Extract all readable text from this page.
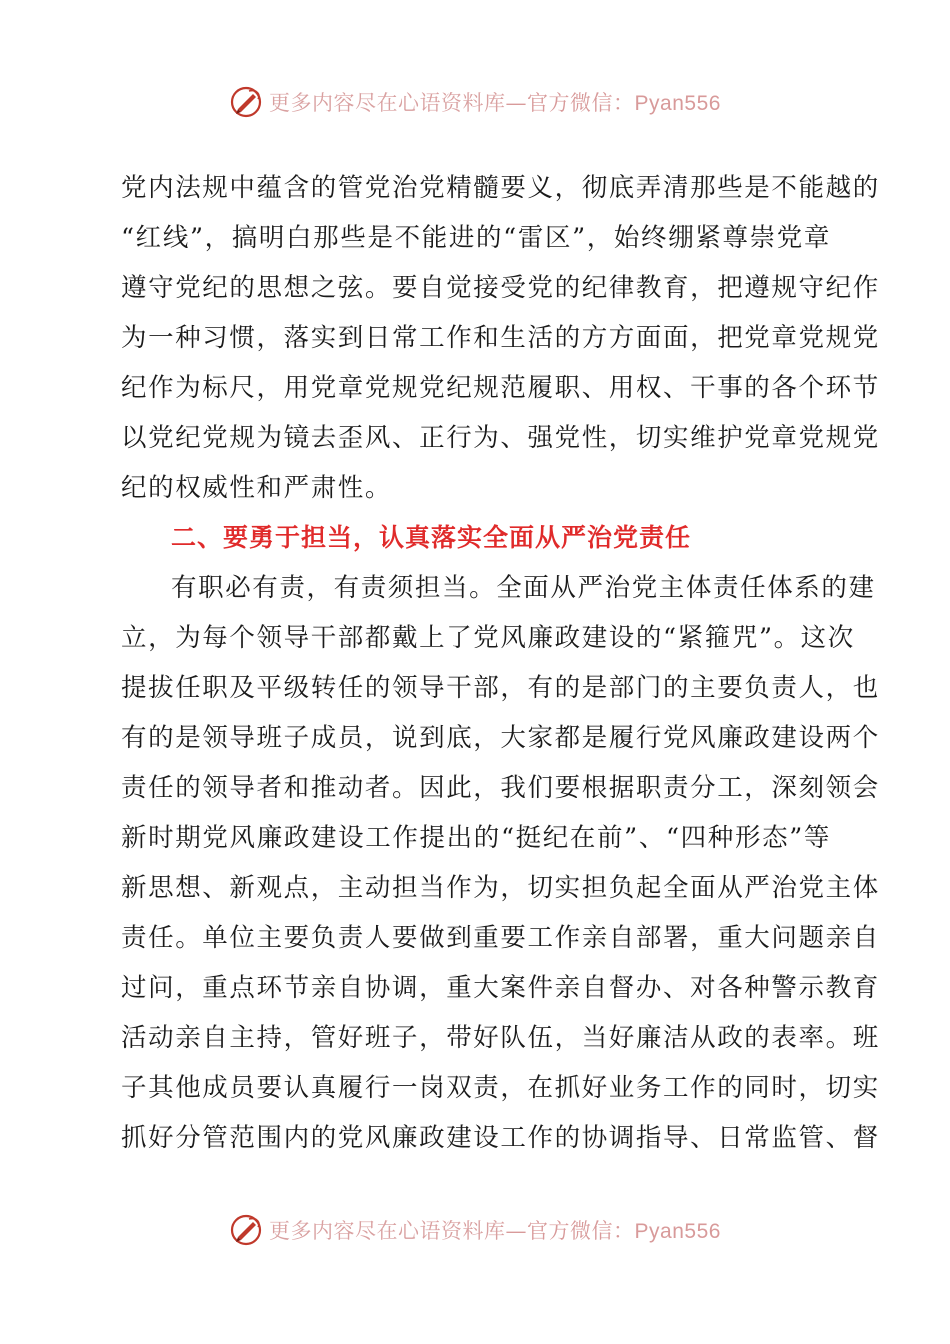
更多内容尽在心语资料库—官方微信：Pyan556

党内法规中蕴含的管党治党精髓要义，彻底弄清那些是不能越的
“红线”，搞明白那些是不能进的“雷区”，始终绷紧尊崇党章
遵守党纪的思想之弦。要自觉接受党的纪律教育，把遵规守纪作
为一种习惯，落实到日常工作和生活的方方面面，把党章党规党
纪作为标尺，用党章党规党纪规范履职、用权、干事的各个环节
以党纪党规为镜去歪风、正行为、强党性，切实维护党章党规党
纪的权威性和严肃性。

二、要勇于担当，认真落实全面从严治党责任

有职必有责，有责须担当。全面从严治党主体责任体系的建
立，为每个领导干部都戴上了党风廉政建设的“紧箍咒”。这次
提拔任职及平级转任的领导干部，有的是部门的主要负责人，也
有的是领导班子成员，说到底，大家都是履行党风廉政建设两个
责任的领导者和推动者。因此，我们要根据职责分工，深刻领会
新时期党风廉政建设工作提出的“挺纪在前”、“四种形态”等
新思想、新观点，主动担当作为，切实担负起全面从严治党主体
责任。单位主要负责人要做到重要工作亲自部署，重大问题亲自
过问，重点环节亲自协调，重大案件亲自督办、对各种警示教育
活动亲自主持，管好班子，带好队伍，当好廉洁从政的表率。班
子其他成员要认真履行一岗双责，在抓好业务工作的同时，切实
抓好分管范围内的党风廉政建设工作的协调指导、日常监管、督

更多内容尽在心语资料库—官方微信：Pyan556
